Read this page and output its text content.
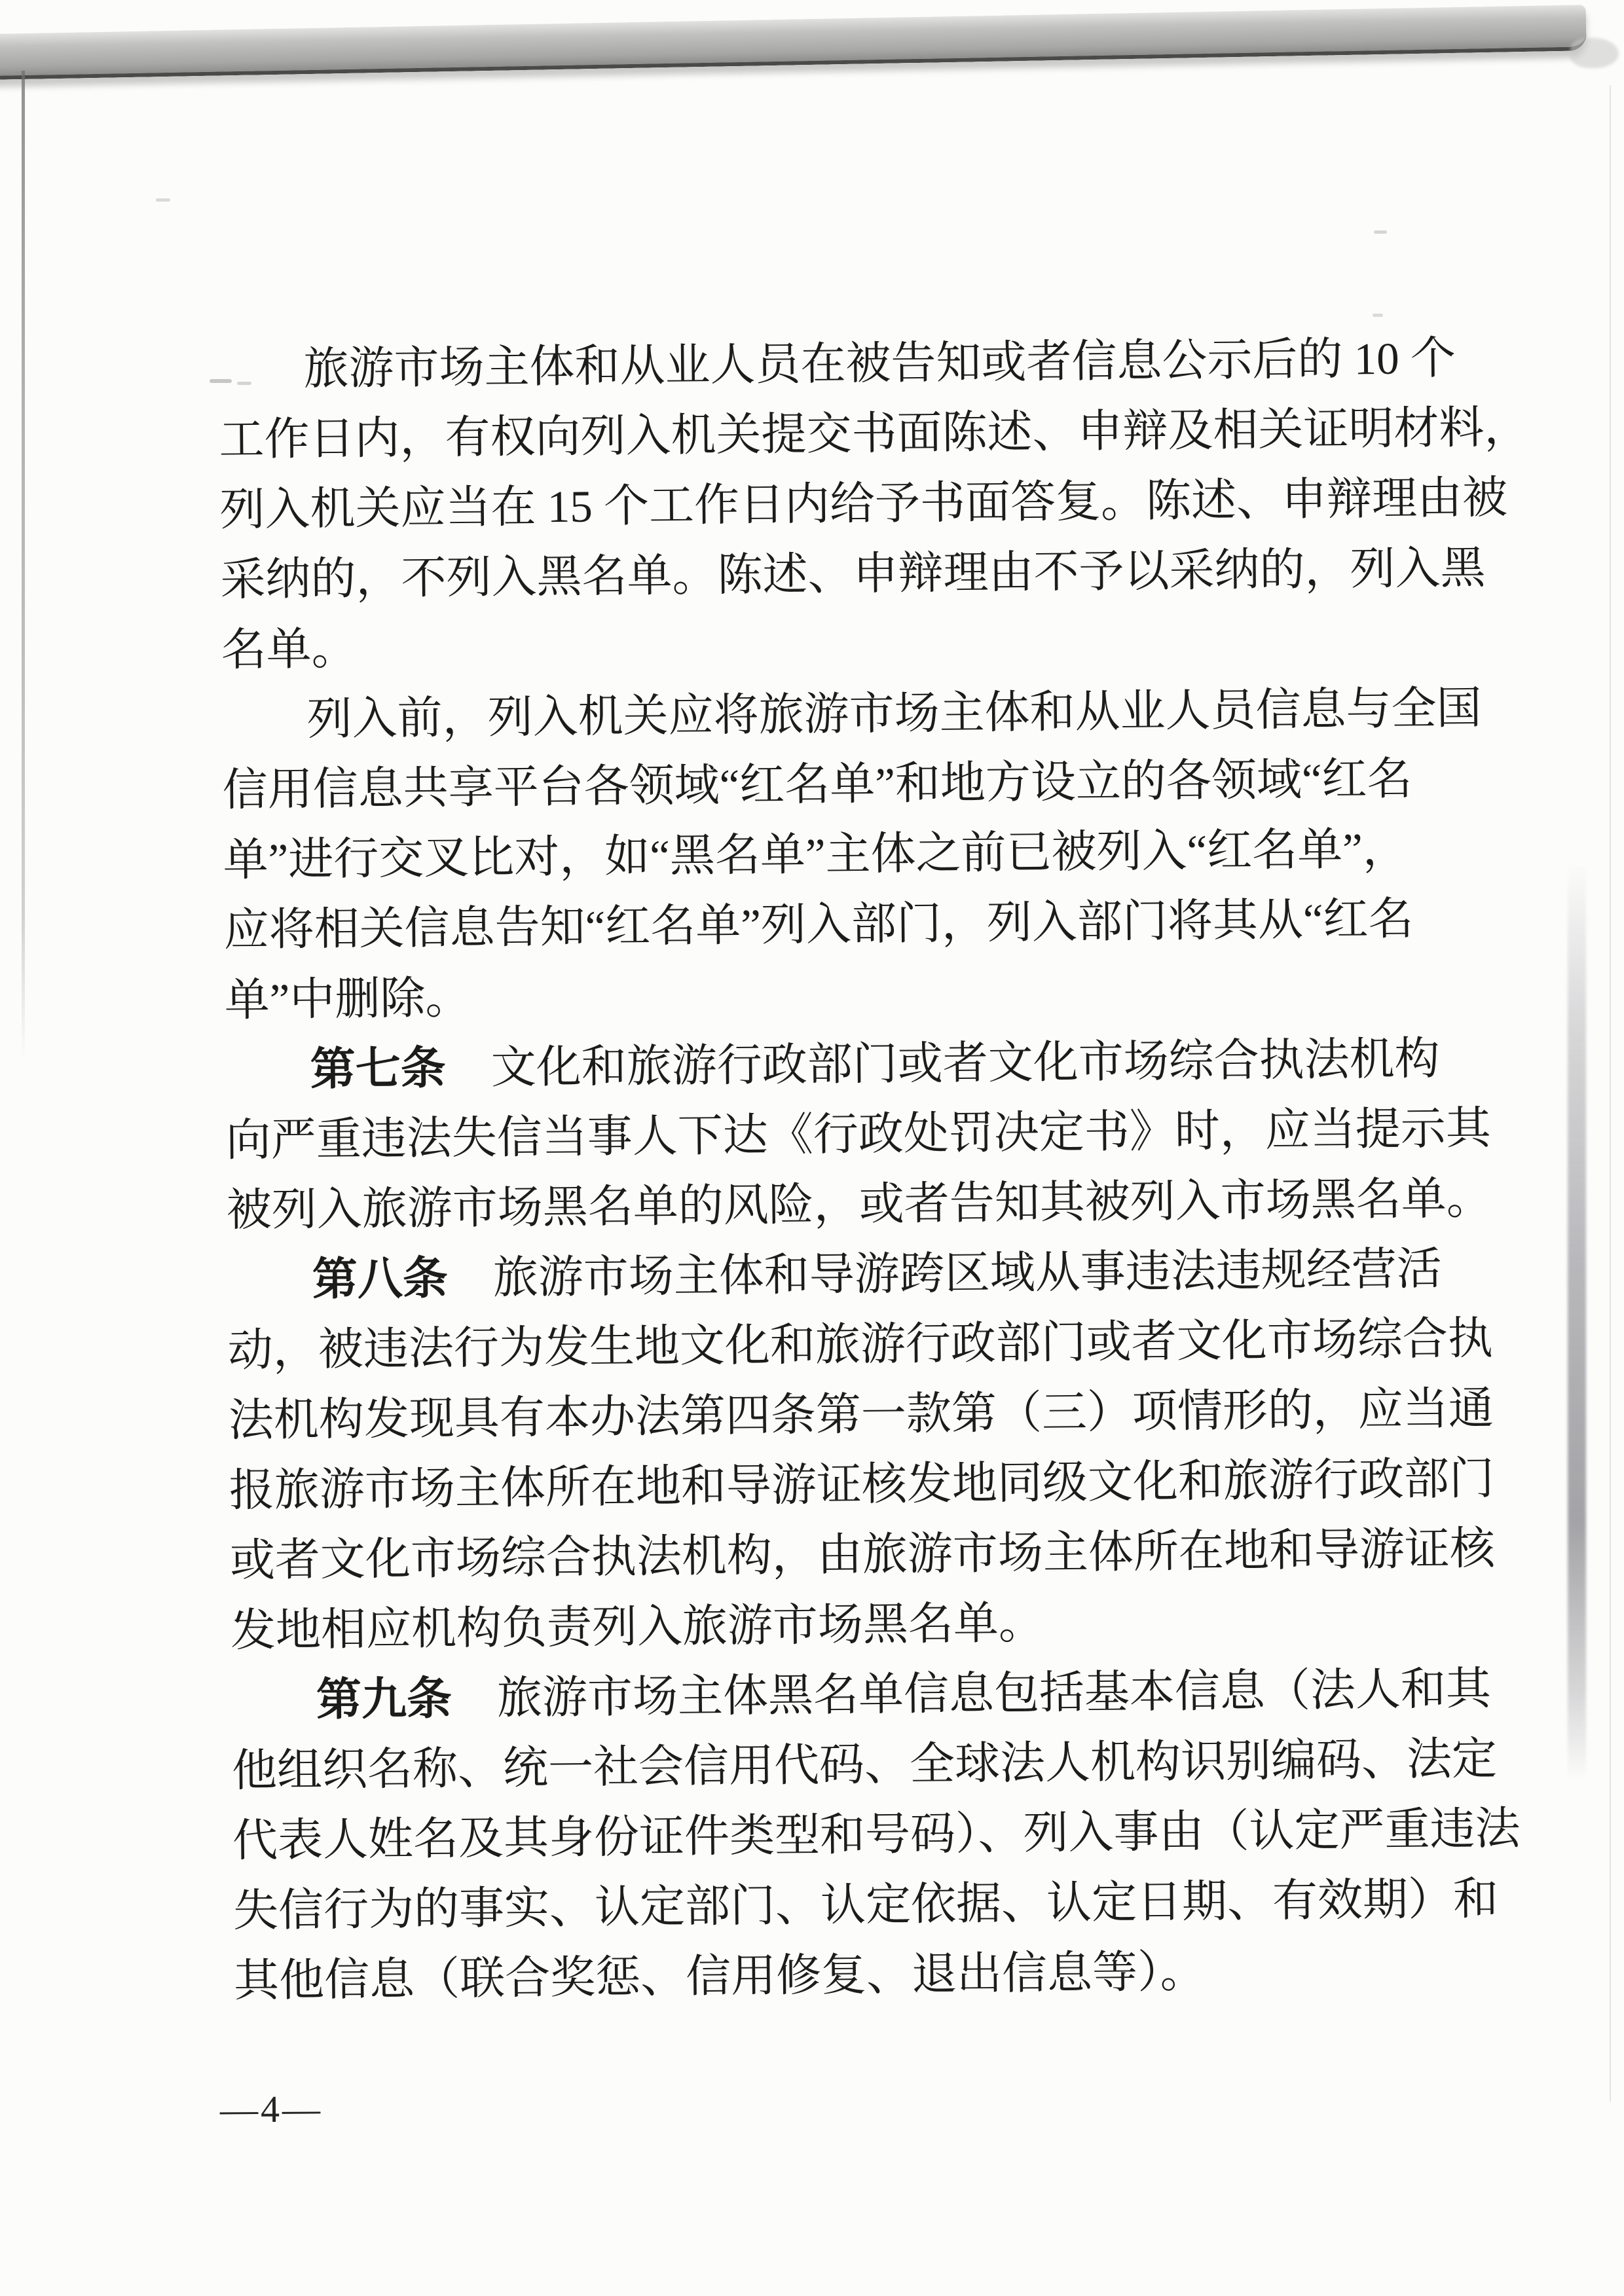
旅游市场主体和从业人员在被告知或者信息公示后的 10 个
工作日内，有权向列入机关提交书面陈述、申辩及相关证明材料，
列入机关应当在 15 个工作日内给予书面答复。陈述、申辩理由被
采纳的，不列入黑名单。陈述、申辩理由不予以采纳的，列入黑
名单。
列入前，列入机关应将旅游市场主体和从业人员信息与全国
信用信息共享平台各领域“红名单”和地方设立的各领域“红名
单”进行交叉比对，如“黑名单”主体之前已被列入“红名单”，
应将相关信息告知“红名单”列入部门，列入部门将其从“红名
单”中删除。
第七条　文化和旅游行政部门或者文化市场综合执法机构
向严重违法失信当事人下达《行政处罚决定书》时，应当提示其
被列入旅游市场黑名单的风险，或者告知其被列入市场黑名单。
第八条　旅游市场主体和导游跨区域从事违法违规经营活
动，被违法行为发生地文化和旅游行政部门或者文化市场综合执
法机构发现具有本办法第四条第一款第（三）项情形的，应当通
报旅游市场主体所在地和导游证核发地同级文化和旅游行政部门
或者文化市场综合执法机构，由旅游市场主体所在地和导游证核
发地相应机构负责列入旅游市场黑名单。
第九条　旅游市场主体黑名单信息包括基本信息（法人和其
他组织名称、统一社会信用代码、全球法人机构识别编码、法定
代表人姓名及其身份证件类型和号码）、列入事由（认定严重违法
失信行为的事实、认定部门、认定依据、认定日期、有效期）和
其他信息（联合奖惩、信用修复、退出信息等）。
—4—
